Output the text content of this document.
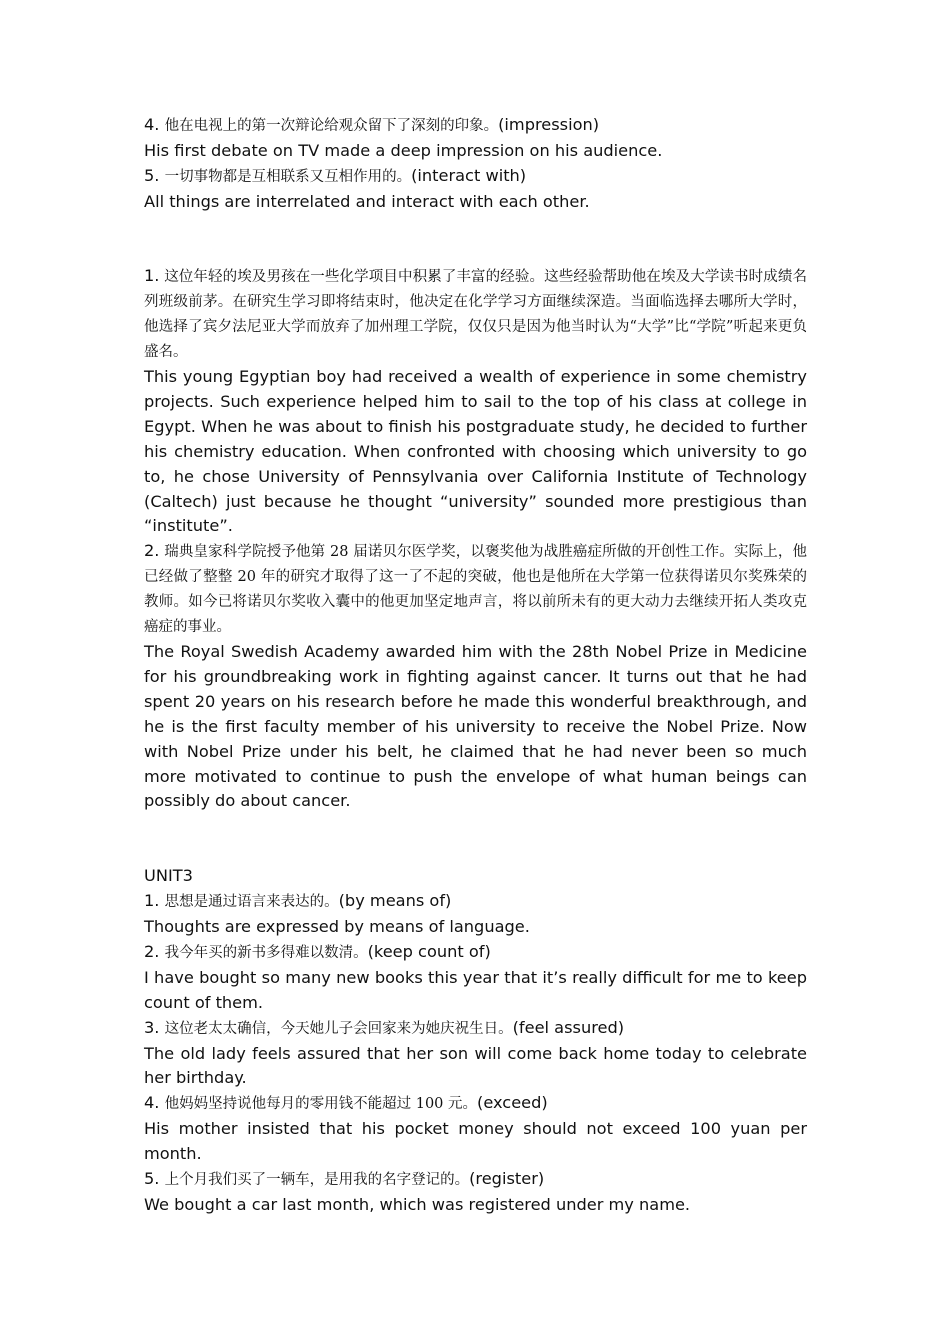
4. 他在电视上的第一次辩论给观众留下了深刻的印象。(impression)
His first debate on TV made a deep impression on his audience.
5. 一切事物都是互相联系又互相作用的。(interact with)
All things are interrelated and interact with each other.
1. 这位年轻的埃及男孩在一些化学项目中积累了丰富的经验。这些经验帮助他在埃及大学读书时成绩名列班级前茅。在研究生学习即将结束时，他决定在化学学习方面继续深造。当面临选择去哪所大学时，他选择了宾夕法尼亚大学而放弃了加州理工学院，仅仅只是因为他当时认为“大学”比“学院”听起来更负盛名。
This young Egyptian boy had received a wealth of experience in some chemistry projects. Such experience helped him to sail to the top of his class at college in Egypt. When he was about to finish his postgraduate study, he decided to further his chemistry education. When confronted with choosing which university to go to, he chose University of Pennsylvania over California Institute of Technology (Caltech) just because he thought “university” sounded more prestigious than “institute”.
2. 瑞典皇家科学院授予他第 28 届诺贝尔医学奖，以褒奖他为战胜癌症所做的开创性工作。实际上，他已经做了整整 20 年的研究才取得了这一了不起的突破，他也是他所在大学第一位获得诺贝尔奖殊荣的教师。如今已将诺贝尔奖收入囊中的他更加坚定地声言，将以前所未有的更大动力去继续开拓人类攻克癌症的事业。
The Royal Swedish Academy awarded him with the 28th Nobel Prize in Medicine for his groundbreaking work in fighting against cancer. It turns out that he had spent 20 years on his research before he made this wonderful breakthrough, and he is the first faculty member of his university to receive the Nobel Prize. Now with Nobel Prize under his belt, he claimed that he had never been so much more motivated to continue to push the envelope of what human beings can possibly do about cancer.
UNIT3
1. 思想是通过语言来表达的。(by means of)
Thoughts are expressed by means of language.
2. 我今年买的新书多得难以数清。(keep count of)
I have bought so many new books this year that it’s really difficult for me to keep count of them.
3. 这位老太太确信，今天她儿子会回家来为她庆祝生日。(feel assured)
The old lady feels assured that her son will come back home today to celebrate her birthday.
4. 他妈妈坚持说他每月的零用钱不能超过 100 元。(exceed)
His mother insisted that his pocket money should not exceed 100 yuan per month.
5. 上个月我们买了一辆车，是用我的名字登记的。(register)
We bought a car last month, which was registered under my name.
